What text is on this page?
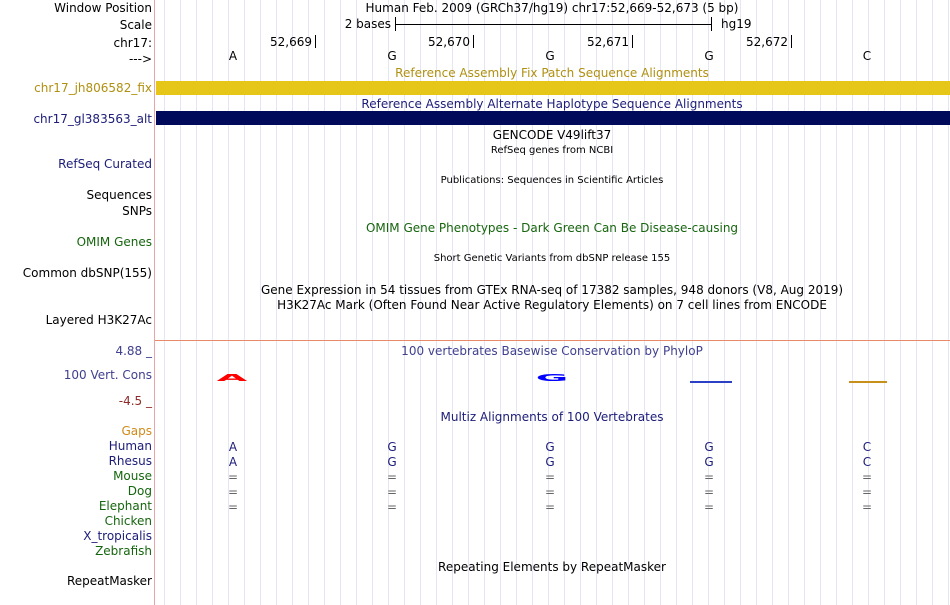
Window Position	Human Feb. 2009 (GRCh37/hg19) chr17:52,669-52,673 (5 bp)
Scale	2 bases	hg19
chr17:	52,669	52,670	52,671	52,672
--->	A	G	G	G	C
Reference Assembly Fix Patch Sequence Alignments
chr17_jh806582_fix
Reference Assembly Alternate Haplotype Sequence Alignments
chr17_gl383563_alt
GENCODE V49lift37
RefSeq genes from NCBI
RefSeq Curated
Publications: Sequences in Scientific Articles
Sequences
SNPs
OMIM Gene Phenotypes - Dark Green Can Be Disease-causing
OMIM Genes
Short Genetic Variants from dbSNP release 155
Common dbSNP(155)
Gene Expression in 54 tissues from GTEx RNA-seq of 17382 samples, 948 donors (V8, Aug 2019)
H3K27Ac Mark (Often Found Near Active Regulatory Elements) on 7 cell lines from ENCODE
Layered H3K27Ac
4.88 _	100 vertebrates Basewise Conservation by PhyloP
100 Vert. Cons	A	G
-4.5 _
Multiz Alignments of 100 Vertebrates
Gaps
Human	A	G	G	G	C
Rhesus	A	G	G	G	C
Mouse	=	=	=	=	=
Dog	=	=	=	=	=
Elephant	=	=	=	=	=
Chicken
X_tropicalis
Zebrafish
Repeating Elements by RepeatMasker
RepeatMasker
